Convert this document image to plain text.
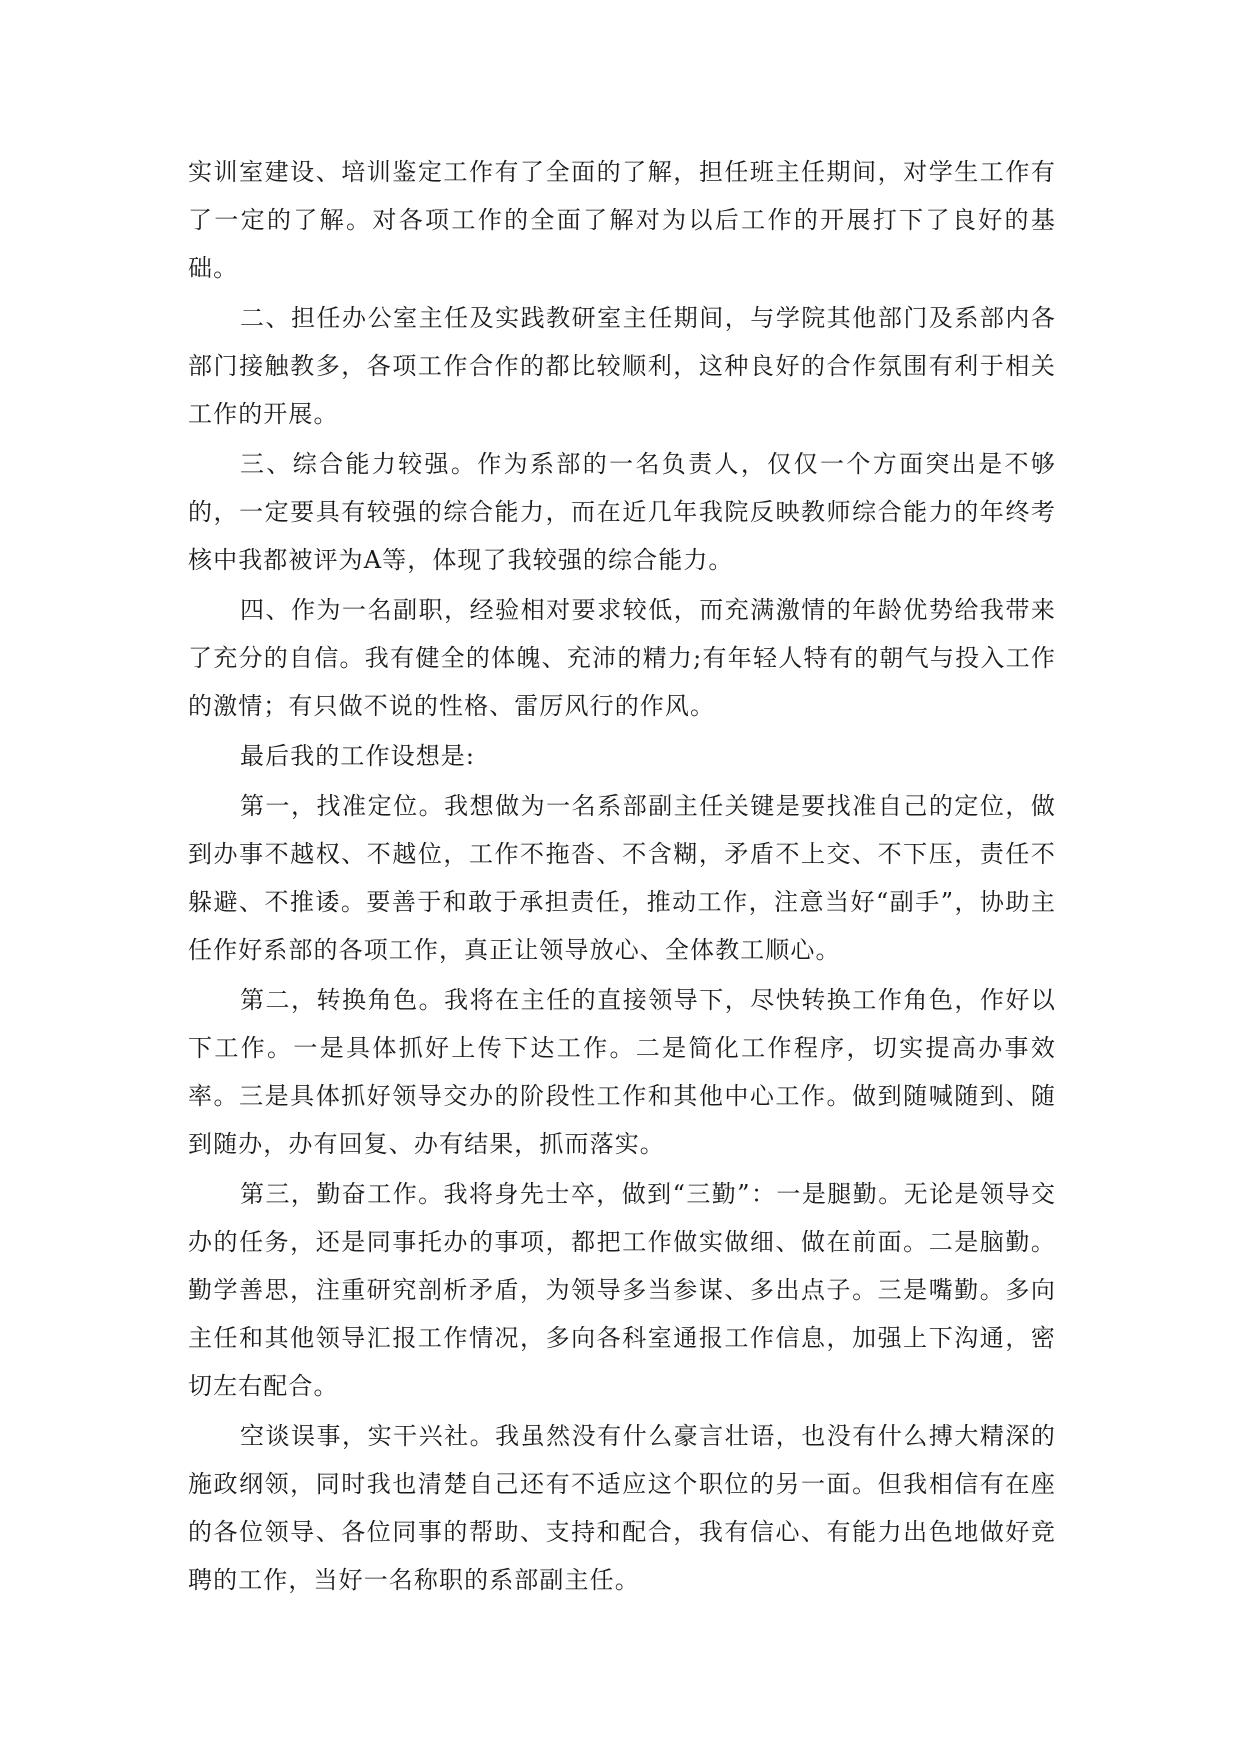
实训室建设、培训鉴定工作有了全面的了解，担任班主任期间，对学生工作有了一定的了解。对各项工作的全面了解对为以后工作的开展打下了良好的基础。

二、担任办公室主任及实践教研室主任期间，与学院其他部门及系部内各部门接触教多，各项工作合作的都比较顺利，这种良好的合作氛围有利于相关工作的开展。

三、综合能力较强。作为系部的一名负责人，仅仅一个方面突出是不够的，一定要具有较强的综合能力，而在近几年我院反映教师综合能力的年终考核中我都被评为A等，体现了我较强的综合能力。

四、作为一名副职，经验相对要求较低，而充满激情的年龄优势给我带来了充分的自信。我有健全的体魄、充沛的精力;有年轻人特有的朝气与投入工作的激情；有只做不说的性格、雷厉风行的作风。

最后我的工作设想是:

第一，找准定位。我想做为一名系部副主任关键是要找准自己的定位，做到办事不越权、不越位，工作不拖沓、不含糊，矛盾不上交、不下压，责任不躲避、不推诿。要善于和敢于承担责任，推动工作，注意当好“副手”，协助主任作好系部的各项工作，真正让领导放心、全体教工顺心。

第二，转换角色。我将在主任的直接领导下，尽快转换工作角色，作好以下工作。一是具体抓好上传下达工作。二是简化工作程序，切实提高办事效率。三是具体抓好领导交办的阶段性工作和其他中心工作。做到随喊随到、随到随办，办有回复、办有结果，抓而落实。

第三，勤奋工作。我将身先士卒，做到“三勤”：一是腿勤。无论是领导交办的任务，还是同事托办的事项，都把工作做实做细、做在前面。二是脑勤。勤学善思，注重研究剖析矛盾，为领导多当参谋、多出点子。三是嘴勤。多向主任和其他领导汇报工作情况，多向各科室通报工作信息，加强上下沟通，密切左右配合。

空谈误事，实干兴社。我虽然没有什么豪言壮语，也没有什么搏大精深的施政纲领，同时我也清楚自己还有不适应这个职位的另一面。但我相信有在座的各位领导、各位同事的帮助、支持和配合，我有信心、有能力出色地做好竞聘的工作，当好一名称职的系部副主任。
